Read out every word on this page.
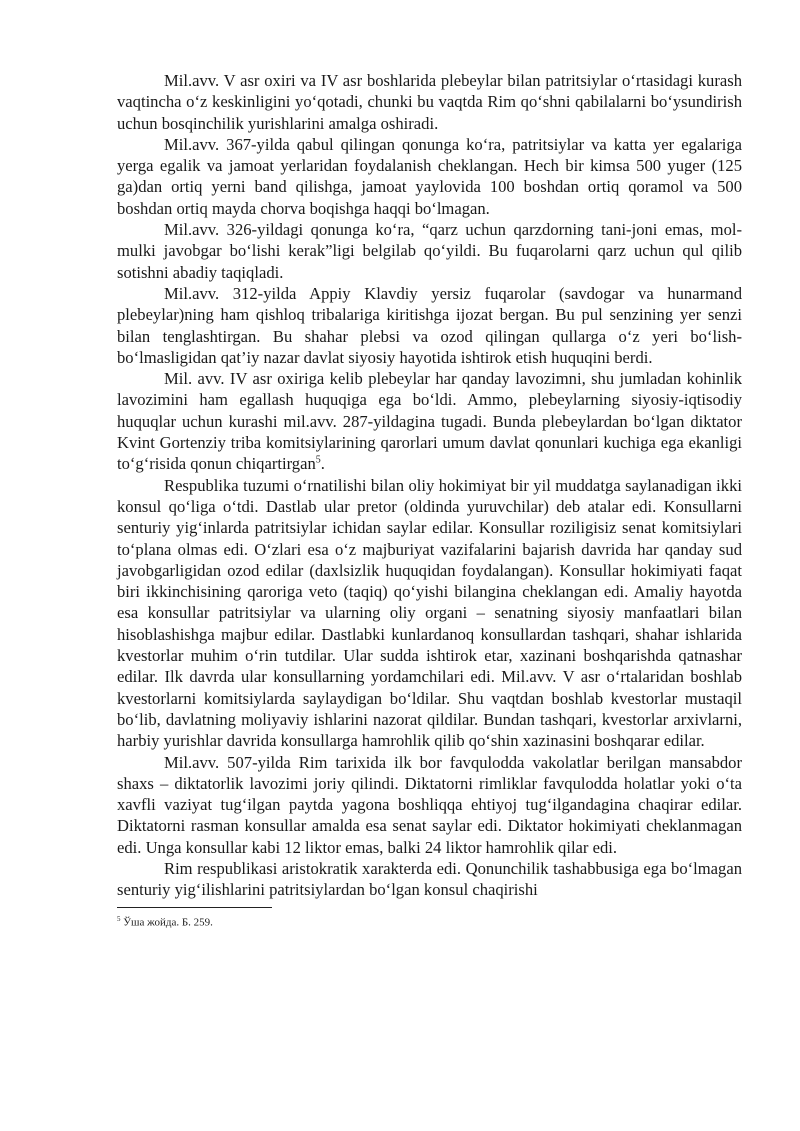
Mil.avv. V asr oxiri va IV asr boshlarida plebeylar bilan patritsiylar oʻrtasidagi kurash vaqtincha oʻz keskinligini yoʻqotadi, chunki bu vaqtda Rim qoʻshni qabilalarni boʻysundirish uchun bosqinchilik yurishlarini amalga oshiradi.

Mil.avv. 367-yilda qabul qilingan qonunga koʻra, patritsiylar va katta yer egalariga yerga egalik va jamoat yerlaridan foydalanish cheklangan. Hech bir kimsa 500 yuger (125 ga)dan ortiq yerni band qilishga, jamoat yaylovida 100 boshdan ortiq qoramol va 500 boshdan ortiq mayda chorva boqishga haqqi boʻlmagan.

Mil.avv. 326-yildagi qonunga koʻra, “qarz uchun qarzdorning tani-joni emas, mol-mulki javobgar boʻlishi kerak”ligi belgilab qoʻyildi. Bu fuqarolarni qarz uchun qul qilib sotishni abadiy taqiqladi.

Mil.avv. 312-yilda Appiy Klavdiy yersiz fuqarolar (savdogar va hunarmand plebeylar)ning ham qishloq tribalariga kiritishga ijozat bergan. Bu pul senzining yer senzi bilan tenglashtirgan. Bu shahar plebsi va ozod qilingan qullarga oʻz yeri boʻlish-boʻlmasligidan qat’iy nazar davlat siyosiy hayotida ishtirok etish huquqini berdi.

Mil. avv. IV asr oxiriga kelib plebeylar har qanday lavozimni, shu jumladan kohinlik lavozimini ham egallash huquqiga ega boʻldi. Ammo, plebeylarning siyosiy-iqtisodiy huquqlar uchun kurashi mil.avv. 287-yildagina tugadi. Bunda plebeylardan boʻlgan diktator Kvint Gortenziy triba komitsiylarining qarorlari umum davlat qonunlari kuchiga ega ekanligi toʻgʻrisida qonun chiqartirgan$^5$.

Respublika tuzumi oʻrnatilishi bilan oliy hokimiyat bir yil muddatga saylanadigan ikki konsul qoʻliga oʻtdi. Dastlab ular pretor (oldinda yuruvchilar) deb atalar edi. Konsullarni senturiy yigʻinlarda patritsiylar ichidan saylar edilar. Konsullar roziligisiz senat komitsiylari toʻplana olmas edi. Oʻzlari esa oʻz majburiyat vazifalarini bajarish davrida har qanday sud javobgarligidan ozod edilar (daxlsizlik huquqidan foydalangan). Konsullar hokimiyati faqat biri ikkinchisining qaroriga veto (taqiq) qoʻyishi bilangina cheklangan edi. Amaliy hayotda esa konsullar patritsiylar va ularning oliy organi – senatning siyosiy manfaatlari bilan hisoblashishga majbur edilar. Dastlabki kunlardanoq konsullardan tashqari, shahar ishlarida kvestorlar muhim oʻrin tutdilar. Ular sudda ishtirok etar, xazinani boshqarishda qatnashar edilar. Ilk davrda ular konsullarning yordamchilari edi. Mil.avv. V asr oʻrtalaridan boshlab kvestorlarni komitsiylarda saylaydigan boʻldilar. Shu vaqtdan boshlab kvestorlar mustaqil boʻlib, davlatning moliyaviy ishlarini nazorat qildilar. Bundan tashqari, kvestorlar arxivlarni, harbiy yurishlar davrida konsullarga hamrohlik qilib qoʻshin xazinasini boshqarar edilar.

Mil.avv. 507-yilda Rim tarixida ilk bor favqulodda vakolatlar berilgan mansabdor shaxs – diktatorlik lavozimi joriy qilindi. Diktatorni rimliklar favqulodda holatlar yoki oʻta xavfli vaziyat tugʻilgan paytda yagona boshliqqa ehtiyoj tugʻilgandagina chaqirar edilar. Diktatorni rasman konsullar amalda esa senat saylar edi. Diktator hokimiyati cheklanmagan edi. Unga konsullar kabi 12 liktor emas, balki 24 liktor hamrohlik qilar edi.

Rim respublikasi aristokratik xarakterda edi. Qonunchilik tashabbusiga ega boʻlmagan senturiy yigʻilishlarini patritsiylardan boʻlgan konsul chaqirishi

$^5$ Ўша жойда. Б. 259.
